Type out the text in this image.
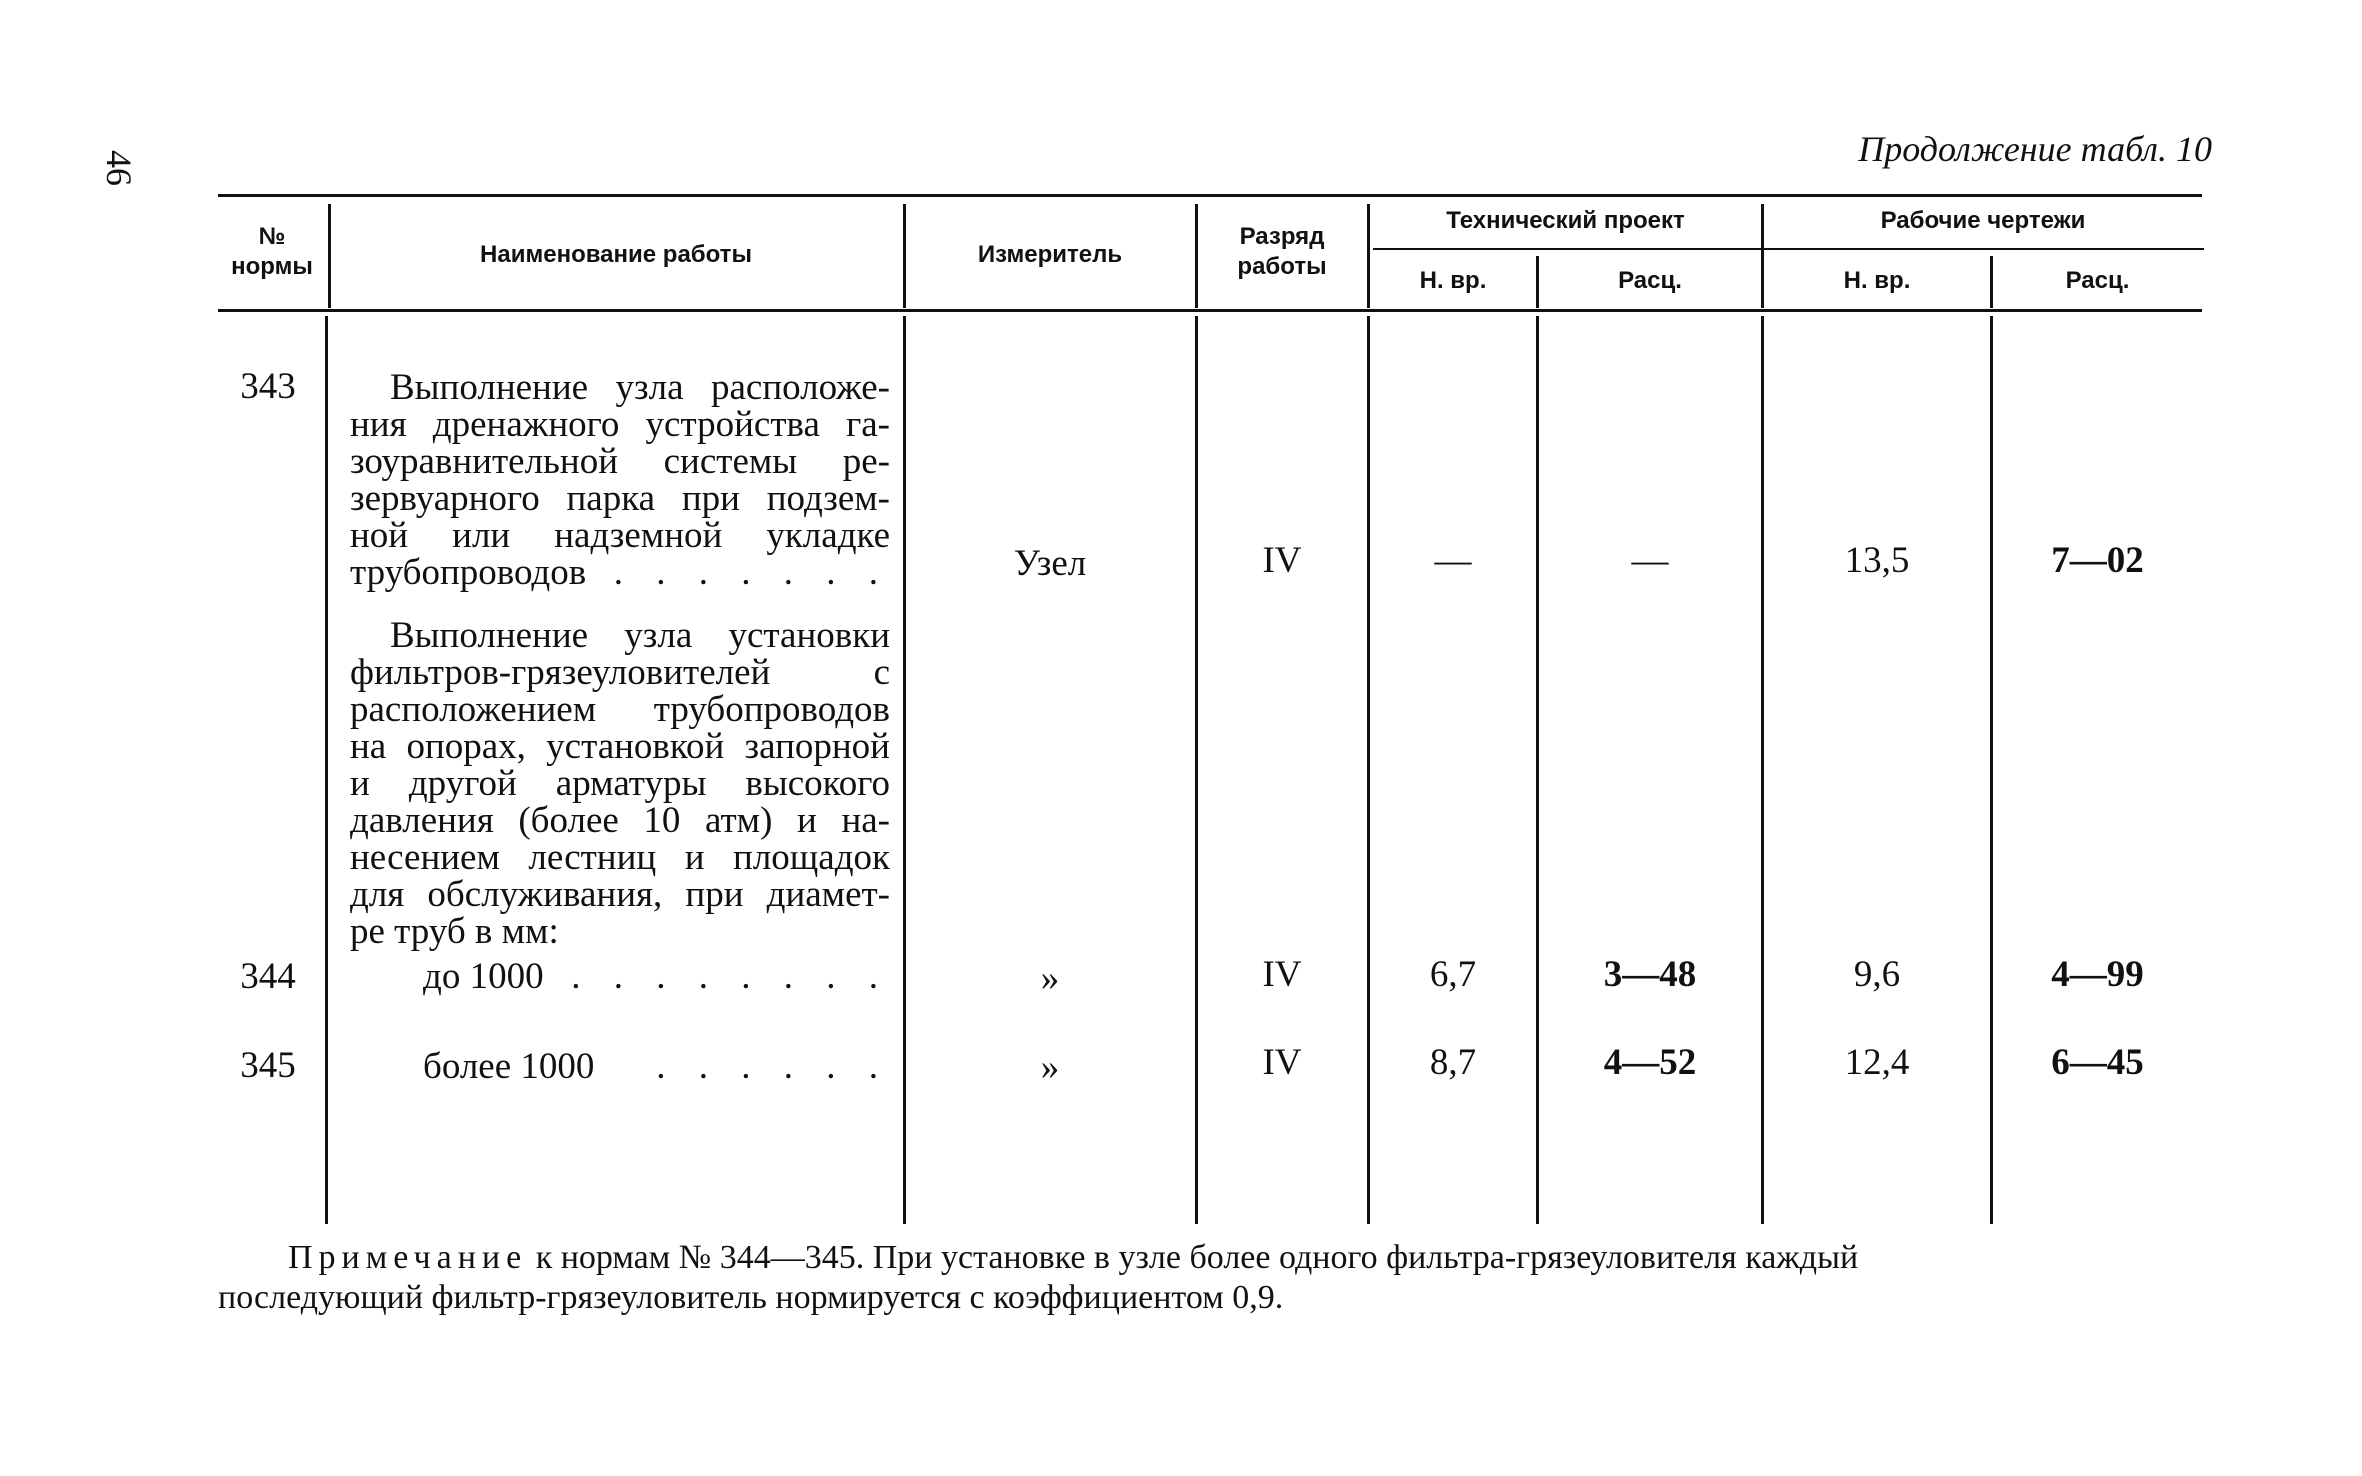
46	Продолжение табл. 10
№
нормы	Наименование работы	Измеритель
Разряд
работы
Технический проект	Рабочие чертежи
Н. вр.	Расц.	Н. вр.	Расц.
343	Выполнение узла расположе-
ния дренажного устройства га-
зоуравнительной системы ре-
зервуарного парка при подзем-
ной или надземной укладке
трубопроводов . . . . . . .	Узел	IV	—	—	13,5	7—02
Выполнение узла установки
фильтров-грязеуловителей с
расположением трубопроводов
на опорах, установкой запорной
и другой арматуры высокого
давления (более 10 атм) и на-
несением лестниц и площадок
для обслуживания, при диамет-
ре труб в мм:
344	до 1000 . . . . . . . .	»	IV	6,7	3—48	9,6	4—99
345	более 1000 . . . . . .	»	IV	8,7	4—52	12,4	6—45
Примечание к нормам № 344—345. При установке в узле более одного фильтра-грязеуловителя каждый
последующий фильтр-грязеуловитель нормируется с коэффициентом 0,9.
